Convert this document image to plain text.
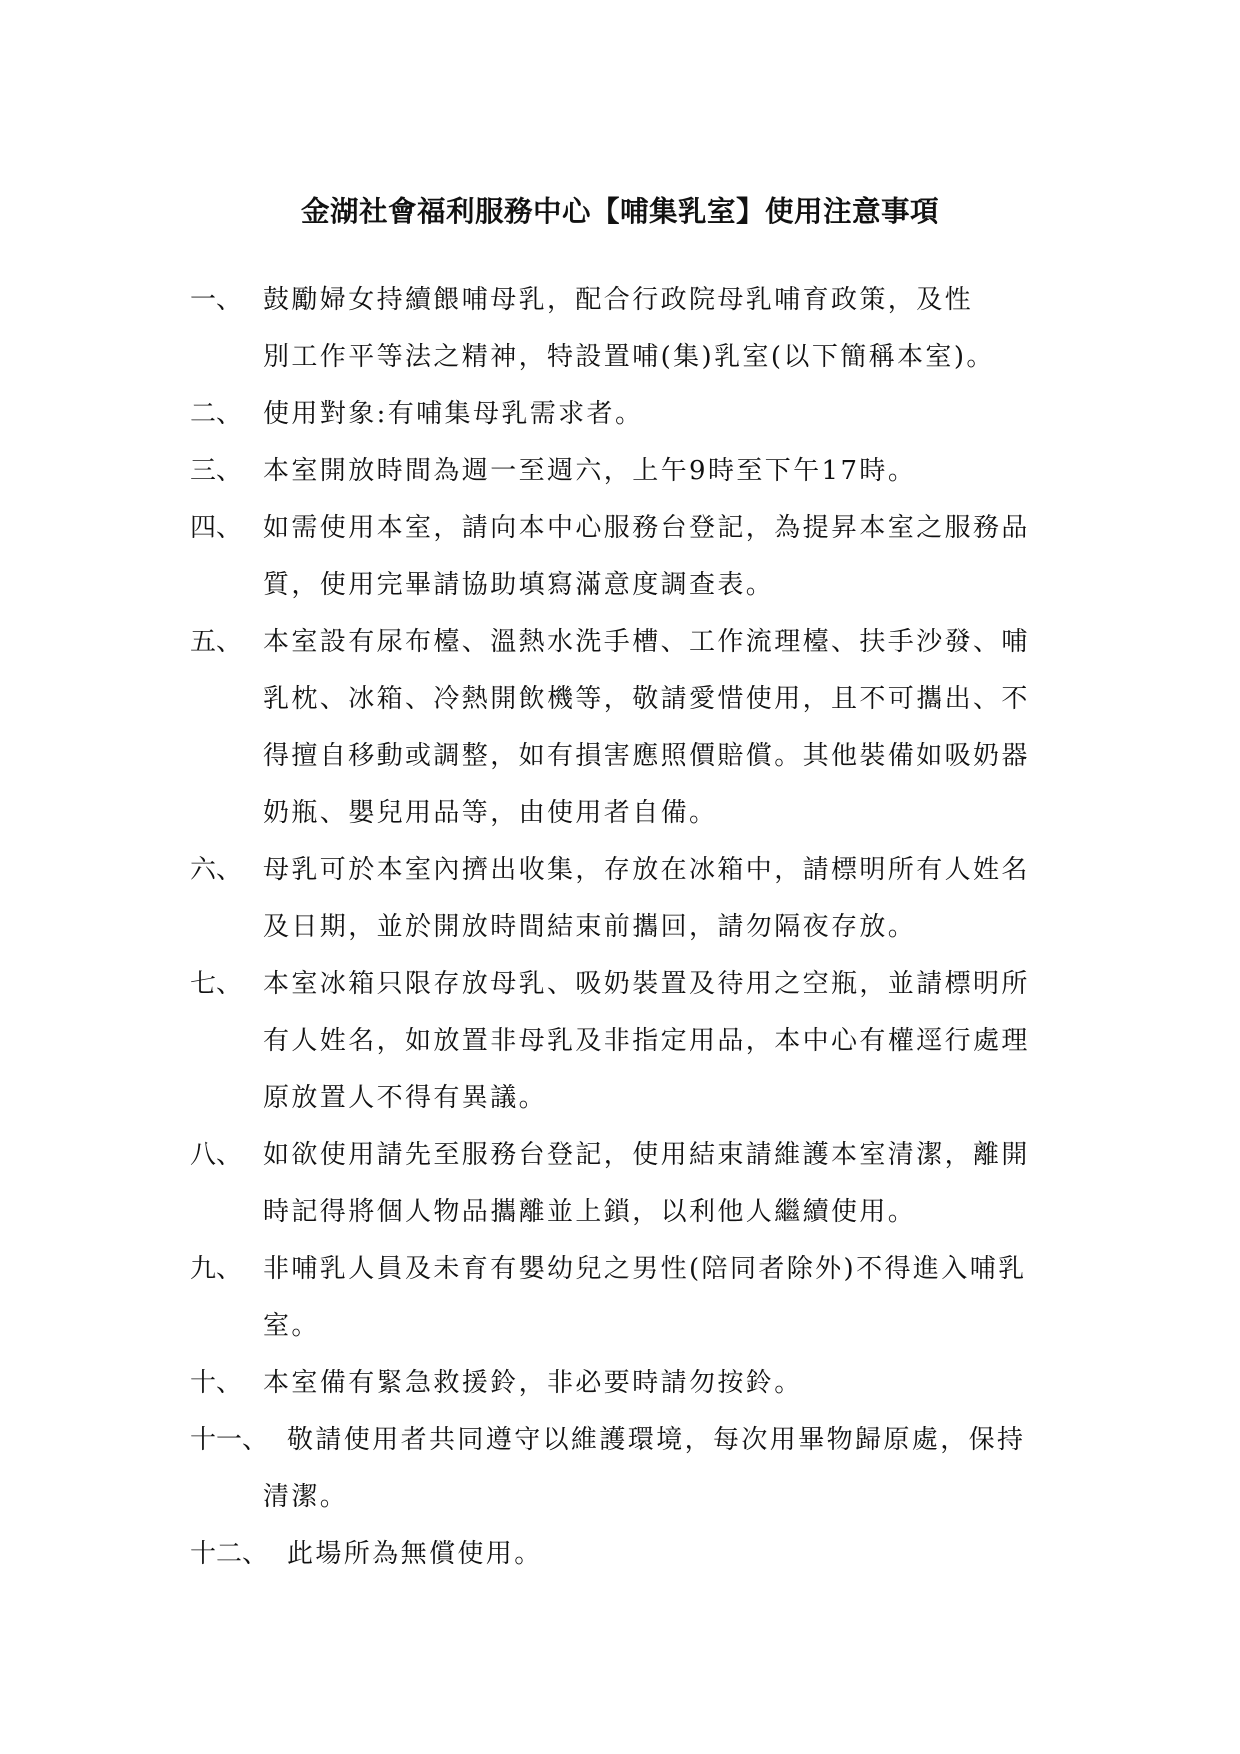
金湖社會福利服務中心【哺集乳室】使用注意事項
一、 鼓勵婦女持續餵哺母乳，配合行政院母乳哺育政策，及性
別工作平等法之精神，特設置哺(集)乳室(以下簡稱本室)。
二、 使用對象:有哺集母乳需求者。
三、 本室開放時間為週一至週六，上午9時至下午17時。
四、 如需使用本室，請向本中心服務台登記，為提昇本室之服務品
質，使用完畢請協助填寫滿意度調查表。
五、 本室設有尿布檯、溫熱水洗手槽、工作流理檯、扶手沙發、哺
乳枕、冰箱、冷熱開飲機等，敬請愛惜使用，且不可攜出、不
得擅自移動或調整，如有損害應照價賠償。其他裝備如吸奶器
奶瓶、嬰兒用品等，由使用者自備。
六、 母乳可於本室內擠出收集，存放在冰箱中，請標明所有人姓名
及日期，並於開放時間結束前攜回，請勿隔夜存放。
七、 本室冰箱只限存放母乳、吸奶裝置及待用之空瓶，並請標明所
有人姓名，如放置非母乳及非指定用品，本中心有權逕行處理
原放置人不得有異議。
八、 如欲使用請先至服務台登記，使用結束請維護本室清潔，離開
時記得將個人物品攜離並上鎖，以利他人繼續使用。
九、 非哺乳人員及未育有嬰幼兒之男性(陪同者除外)不得進入哺乳
室。
十、 本室備有緊急救援鈴，非必要時請勿按鈴。
十一、 敬請使用者共同遵守以維護環境，每次用畢物歸原處，保持
清潔。
十二、 此場所為無償使用。
